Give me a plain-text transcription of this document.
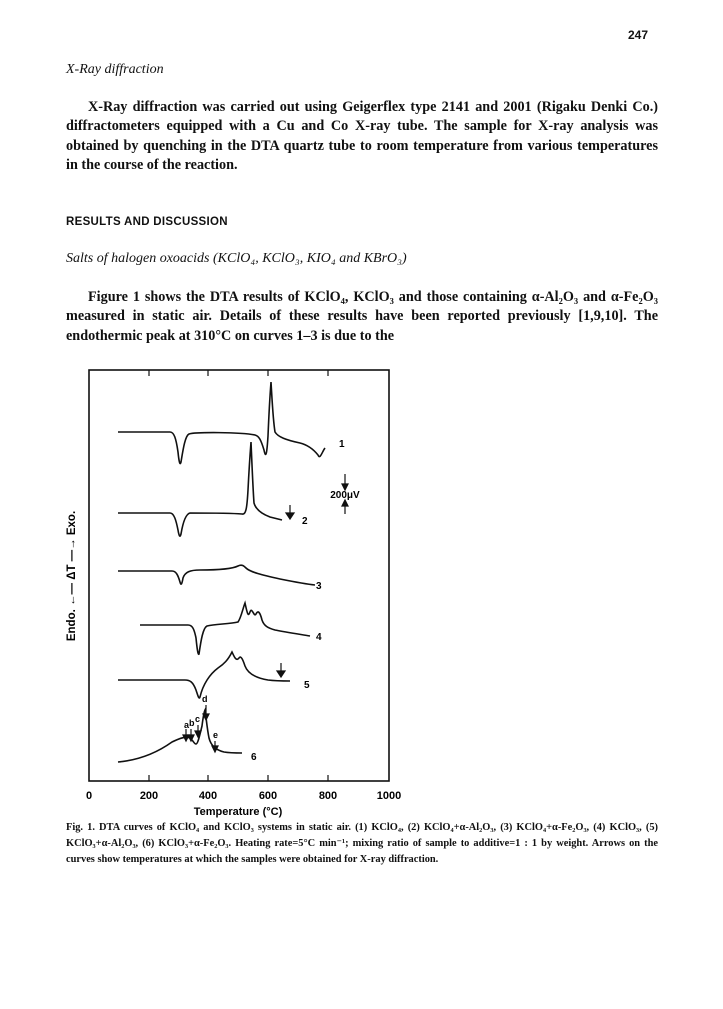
247
X-Ray diffraction

X-Ray diffraction was carried out using Geigerflex type 2141 and 2001 (Rigaku Denki Co.) diffractometers equipped with a Cu and Co X-ray tube. The sample for X-ray analysis was obtained by quenching in the DTA quartz tube to room temperature from various temperatures in the course of the reaction.

RESULTS AND DISCUSSION
Salts of halogen oxoacids (KClO₄, KClO₃, KIO₄ and KBrO₃)

Figure 1 shows the DTA results of KClO₄, KClO₃ and those containing α-Al₂O₃ and α-Fe₂O₃ measured in static air. Details of these results have been reported previously [1,9,10]. The endothermic peak at 310°C on curves 1–3 is due to the

0	200	400	600	800	1000
Temperature (°C)
Endo. ←— ΔT —→ Exo.
a b c
d
e
1
2
3
4
5
6
200μV

Fig. 1. DTA curves of KClO₄ and KClO₃ systems in static air. (1) KClO₄, (2) KClO₄+α-Al₂O₃, (3) KClO₄+α-Fe₂O₃, (4) KClO₃, (5) KClO₃+α-Al₂O₃, (6) KClO₃+α-Fe₂O₃. Heating rate=5°C min⁻¹; mixing ratio of sample to additive=1 : 1 by weight. Arrows on the curves show temperatures at which the samples were obtained for X-ray diffraction.
